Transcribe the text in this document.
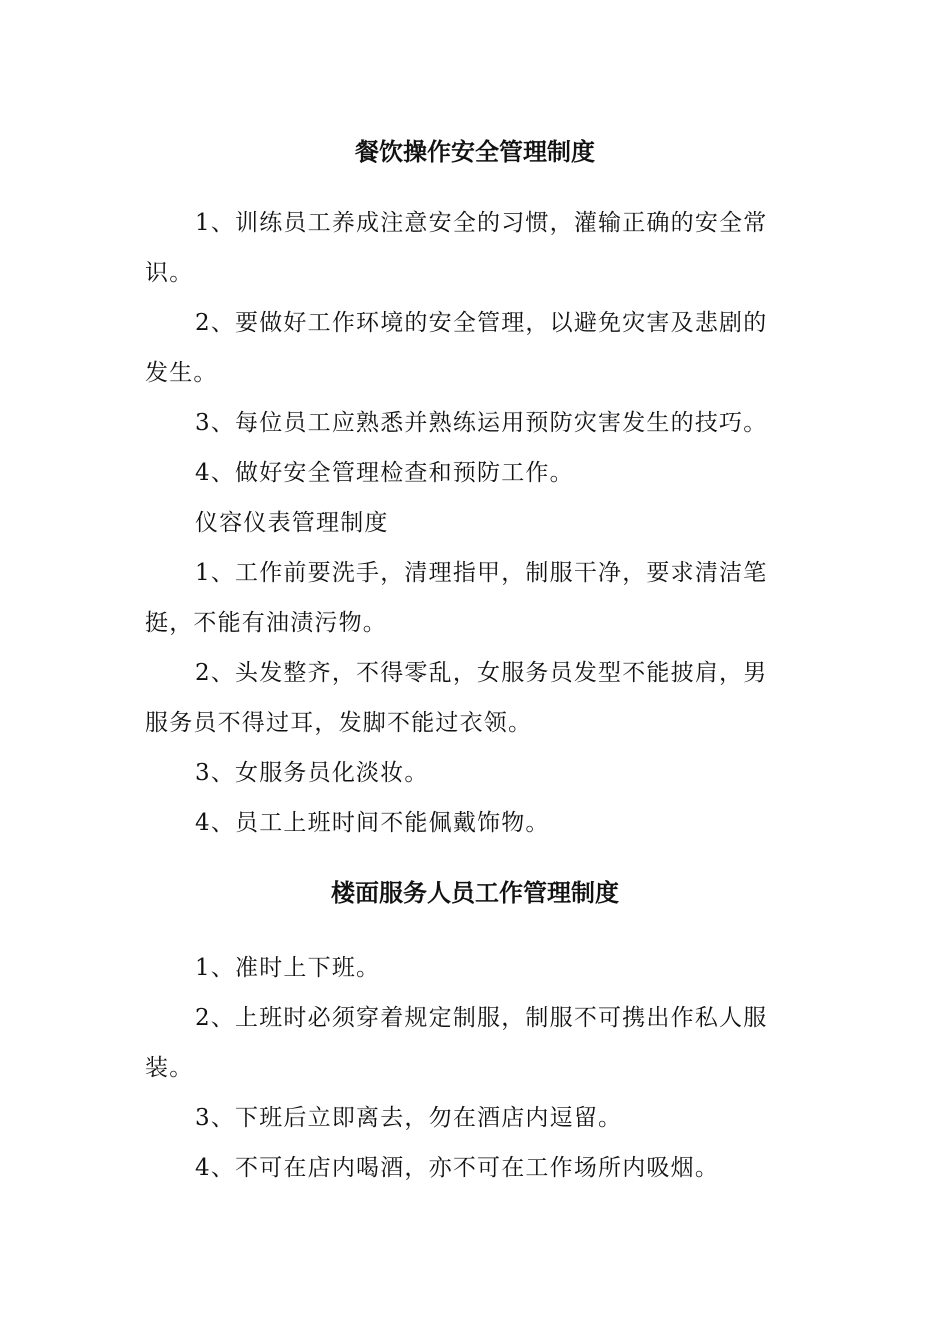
餐饮操作安全管理制度
1、训练员工养成注意安全的习惯，灌输正确的安全常
识。
2、要做好工作环境的安全管理，以避免灾害及悲剧的
发生。
3、每位员工应熟悉并熟练运用预防灾害发生的技巧。
4、做好安全管理检查和预防工作。
仪容仪表管理制度
1、工作前要洗手，清理指甲，制服干净，要求清洁笔
挺，不能有油渍污物。
2、头发整齐，不得零乱，女服务员发型不能披肩，男
服务员不得过耳，发脚不能过衣领。
3、女服务员化淡妆。
4、员工上班时间不能佩戴饰物。
楼面服务人员工作管理制度
1、准时上下班。
2、上班时必须穿着规定制服，制服不可携出作私人服
装。
3、下班后立即离去，勿在酒店内逗留。
4、不可在店内喝酒，亦不可在工作场所内吸烟。
